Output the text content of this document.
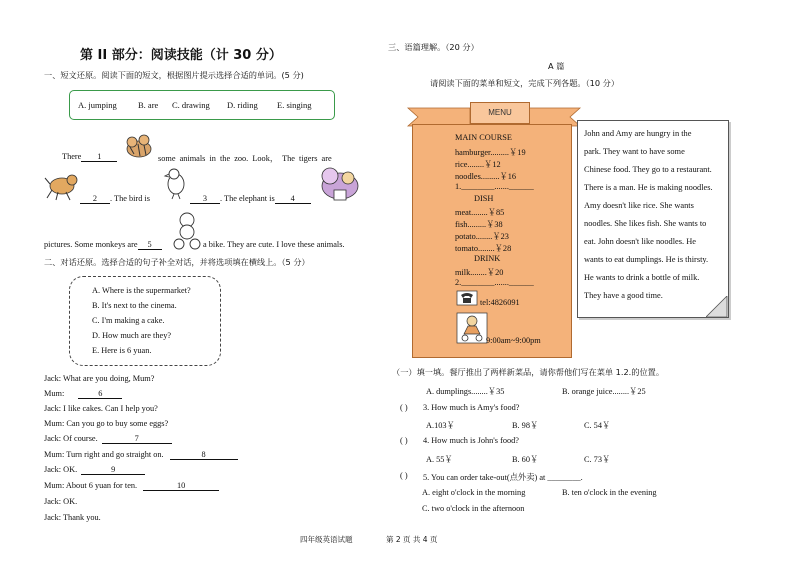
第 II 部分：阅读技能（计 30 分）
一、短文还原。阅读下面的短文，根据图片提示选择合适的单词。(5 分)
A. jumping	B. are C. drawing D. riding E. singing
There 1	some animals in the zoo. Look， The tigers are
2 . The bird is	3 . The elephant is 4
pictures. Some monkeys are 5	a bike. They are cute. I love these animals.
二、对话还原。选择合适的句子补全对话，并将选项填在横线上。（5 分）
A. Where is the supermarket?
B. It's next to the cinema.
C. I'm making a cake.
D. How much are they?
E. Here is 6 yuan.
Jack: What are you doing, Mum?
Mum:	6
Jack: I like cakes. Can I help you?
Mum: Can you go to buy some eggs?
Jack: Of course.	7
Mum: Turn right and go straight on.	8
Jack: OK.	9
Mum: About 6 yuan for ten.	10
Jack: OK.
Jack: Thank you.
三、语篇理解。（20 分）
A 篇
请阅读下面的菜单和短文，完成下列各题。（10 分）
MENU
MAIN COURSE
hamburger.........￥19
rice........￥12
noodles.........￥16
1.________.......______
DISH
meat........￥85
fish.........￥38
potato........￥23
tomato........￥28
DRINK
milk........￥20
2.________.......______
tel:4826091
9:00am~9:00pm

John and Amy are hungry in the

park. They want to have some

Chinese food. They go to a restaurant.

There is a man. He is making noodles.

Amy doesn't like rice. She wants

noodles. She likes fish. She wants to

eat. John doesn't like noodles. He

wants to eat dumplings. He is thirsty.

He wants to drink a bottle of milk.

They have a good time.

（一）填一填。餐厅推出了两样新菜品，请你帮他们写在菜单 1.2.的位置。
A. dumplings........￥35	B. orange juice........￥25
( ) 3. How much is Amy's food?
A.103￥	B. 98￥	C. 54￥
( ) 4. How much is John's food?
A. 55￥	B. 60￥	C. 73￥
( ) 5. You can order take-out(点外卖) at ________.
A. eight o'clock in the morning	B. ten o'clock in the evening
C. two o'clock in the afternoon
四年级英语试题	第 2 页 共 4 页
